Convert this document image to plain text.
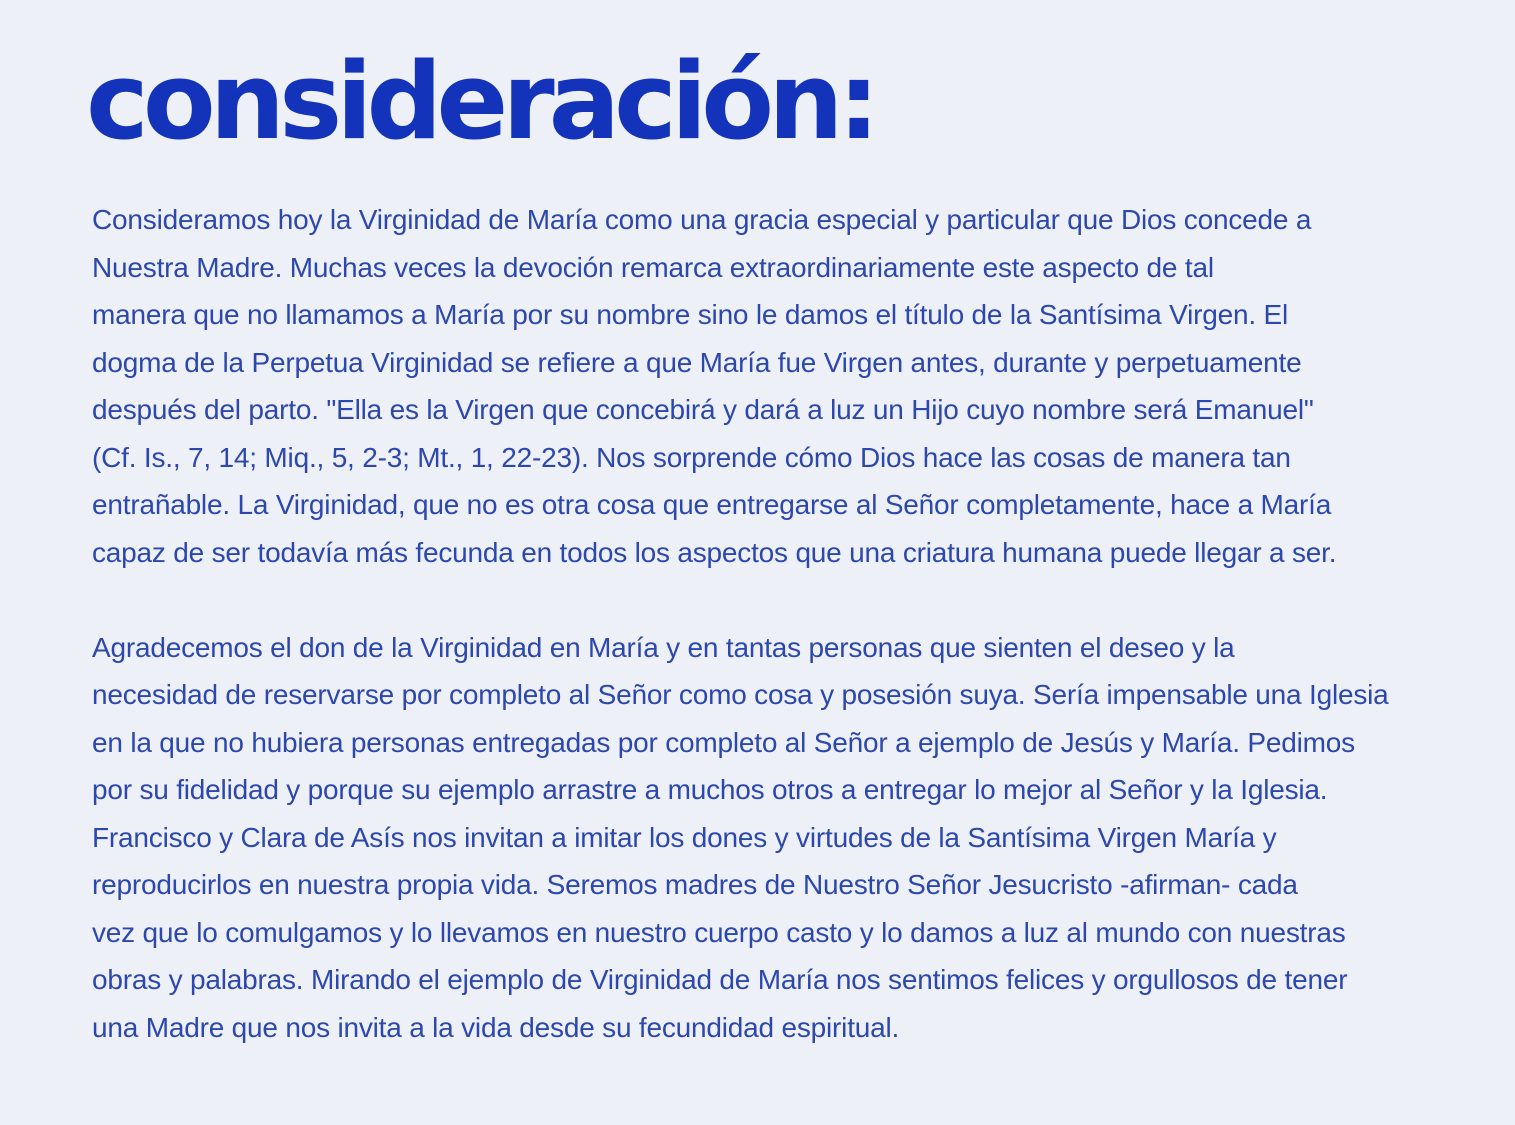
consideración:
Consideramos hoy la Virginidad de María como una gracia especial y particular que Dios concede a
Nuestra Madre. Muchas veces la devoción remarca extraordinariamente este aspecto de tal
manera que no llamamos a María por su nombre sino le damos el título de la Santísima Virgen. El
dogma de la Perpetua Virginidad se refiere a que María fue Virgen antes, durante y perpetuamente
después del parto. "Ella es la Virgen que concebirá y dará a luz un Hijo cuyo nombre será Emanuel"
(Cf. Is., 7, 14; Miq., 5, 2-3; Mt., 1, 22-23). Nos sorprende cómo Dios hace las cosas de manera tan
entrañable. La Virginidad, que no es otra cosa que entregarse al Señor completamente, hace a María
capaz de ser todavía más fecunda en todos los aspectos que una criatura humana puede llegar a ser.
Agradecemos el don de la Virginidad en María y en tantas personas que sienten el deseo y la
necesidad de reservarse por completo al Señor como cosa y posesión suya. Sería impensable una Iglesia
en la que no hubiera personas entregadas por completo al Señor a ejemplo de Jesús y María. Pedimos
por su fidelidad y porque su ejemplo arrastre a muchos otros a entregar lo mejor al Señor y la Iglesia.
Francisco y Clara de Asís nos invitan a imitar los dones y virtudes de la Santísima Virgen María y
reproducirlos en nuestra propia vida. Seremos madres de Nuestro Señor Jesucristo -afirman- cada
vez que lo comulgamos y lo llevamos en nuestro cuerpo casto y lo damos a luz al mundo con nuestras
obras y palabras. Mirando el ejemplo de Virginidad de María nos sentimos felices y orgullosos de tener
una Madre que nos invita a la vida desde su fecundidad espiritual.
